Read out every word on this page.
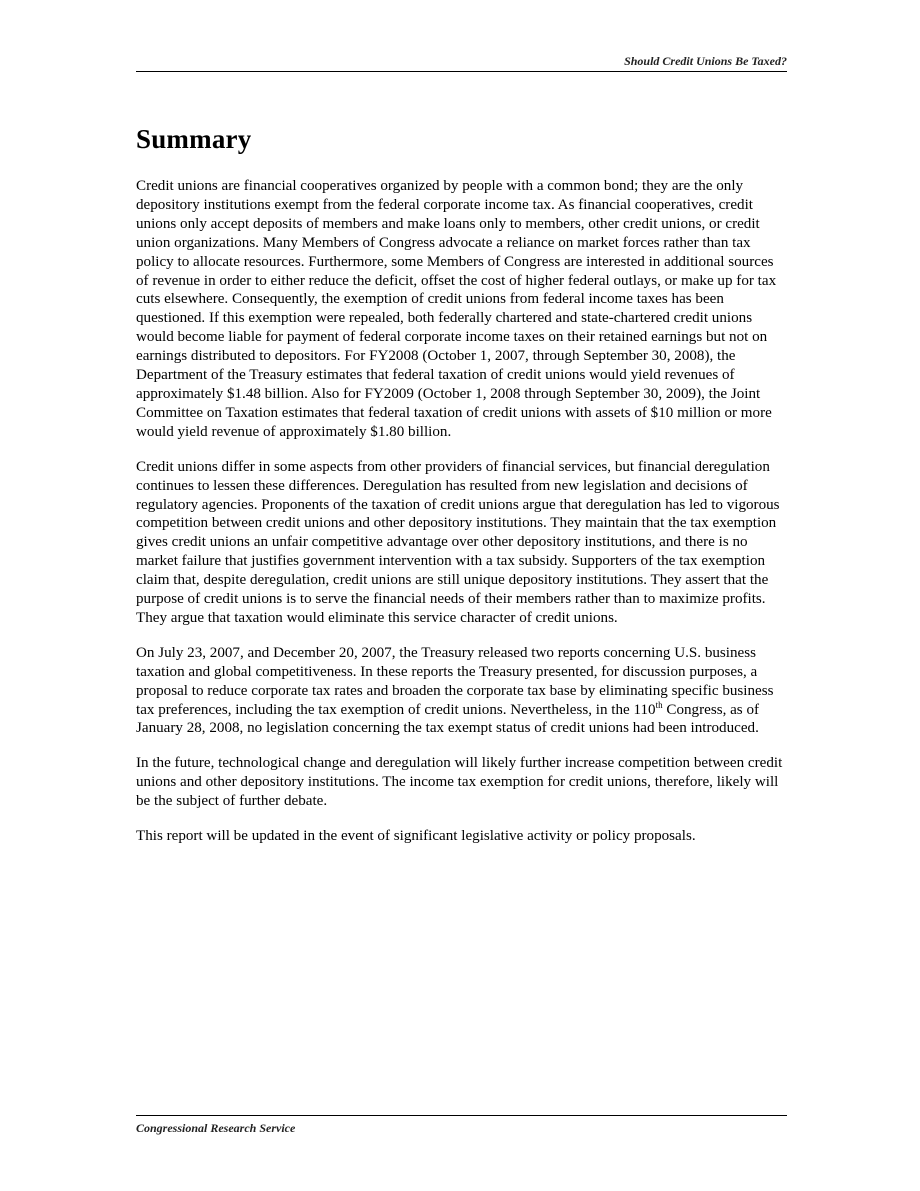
Should Credit Unions Be Taxed?
Summary

Credit unions are financial cooperatives organized by people with a common bond; they are the only depository institutions exempt from the federal corporate income tax. As financial cooperatives, credit unions only accept deposits of members and make loans only to members, other credit unions, or credit union organizations. Many Members of Congress advocate a reliance on market forces rather than tax policy to allocate resources. Furthermore, some Members of Congress are interested in additional sources of revenue in order to either reduce the deficit, offset the cost of higher federal outlays, or make up for tax cuts elsewhere. Consequently, the exemption of credit unions from federal income taxes has been questioned. If this exemption were repealed, both federally chartered and state-chartered credit unions would become liable for payment of federal corporate income taxes on their retained earnings but not on earnings distributed to depositors. For FY2008 (October 1, 2007, through September 30, 2008), the Department of the Treasury estimates that federal taxation of credit unions would yield revenues of approximately $1.48 billion. Also for FY2009 (October 1, 2008 through September 30, 2009), the Joint Committee on Taxation estimates that federal taxation of credit unions with assets of $10 million or more would yield revenue of approximately $1.80 billion.

Credit unions differ in some aspects from other providers of financial services, but financial deregulation continues to lessen these differences. Deregulation has resulted from new legislation and decisions of regulatory agencies. Proponents of the taxation of credit unions argue that deregulation has led to vigorous competition between credit unions and other depository institutions. They maintain that the tax exemption gives credit unions an unfair competitive advantage over other depository institutions, and there is no market failure that justifies government intervention with a tax subsidy. Supporters of the tax exemption claim that, despite deregulation, credit unions are still unique depository institutions. They assert that the purpose of credit unions is to serve the financial needs of their members rather than to maximize profits. They argue that taxation would eliminate this service character of credit unions.

On July 23, 2007, and December 20, 2007, the Treasury released two reports concerning U.S. business taxation and global competitiveness. In these reports the Treasury presented, for discussion purposes, a proposal to reduce corporate tax rates and broaden the corporate tax base by eliminating specific business tax preferences, including the tax exemption of credit unions. Nevertheless, in the 110th Congress, as of January 28, 2008, no legislation concerning the tax exempt status of credit unions had been introduced.

In the future, technological change and deregulation will likely further increase competition between credit unions and other depository institutions. The income tax exemption for credit unions, therefore, likely will be the subject of further debate.

This report will be updated in the event of significant legislative activity or policy proposals.

Congressional Research Service
